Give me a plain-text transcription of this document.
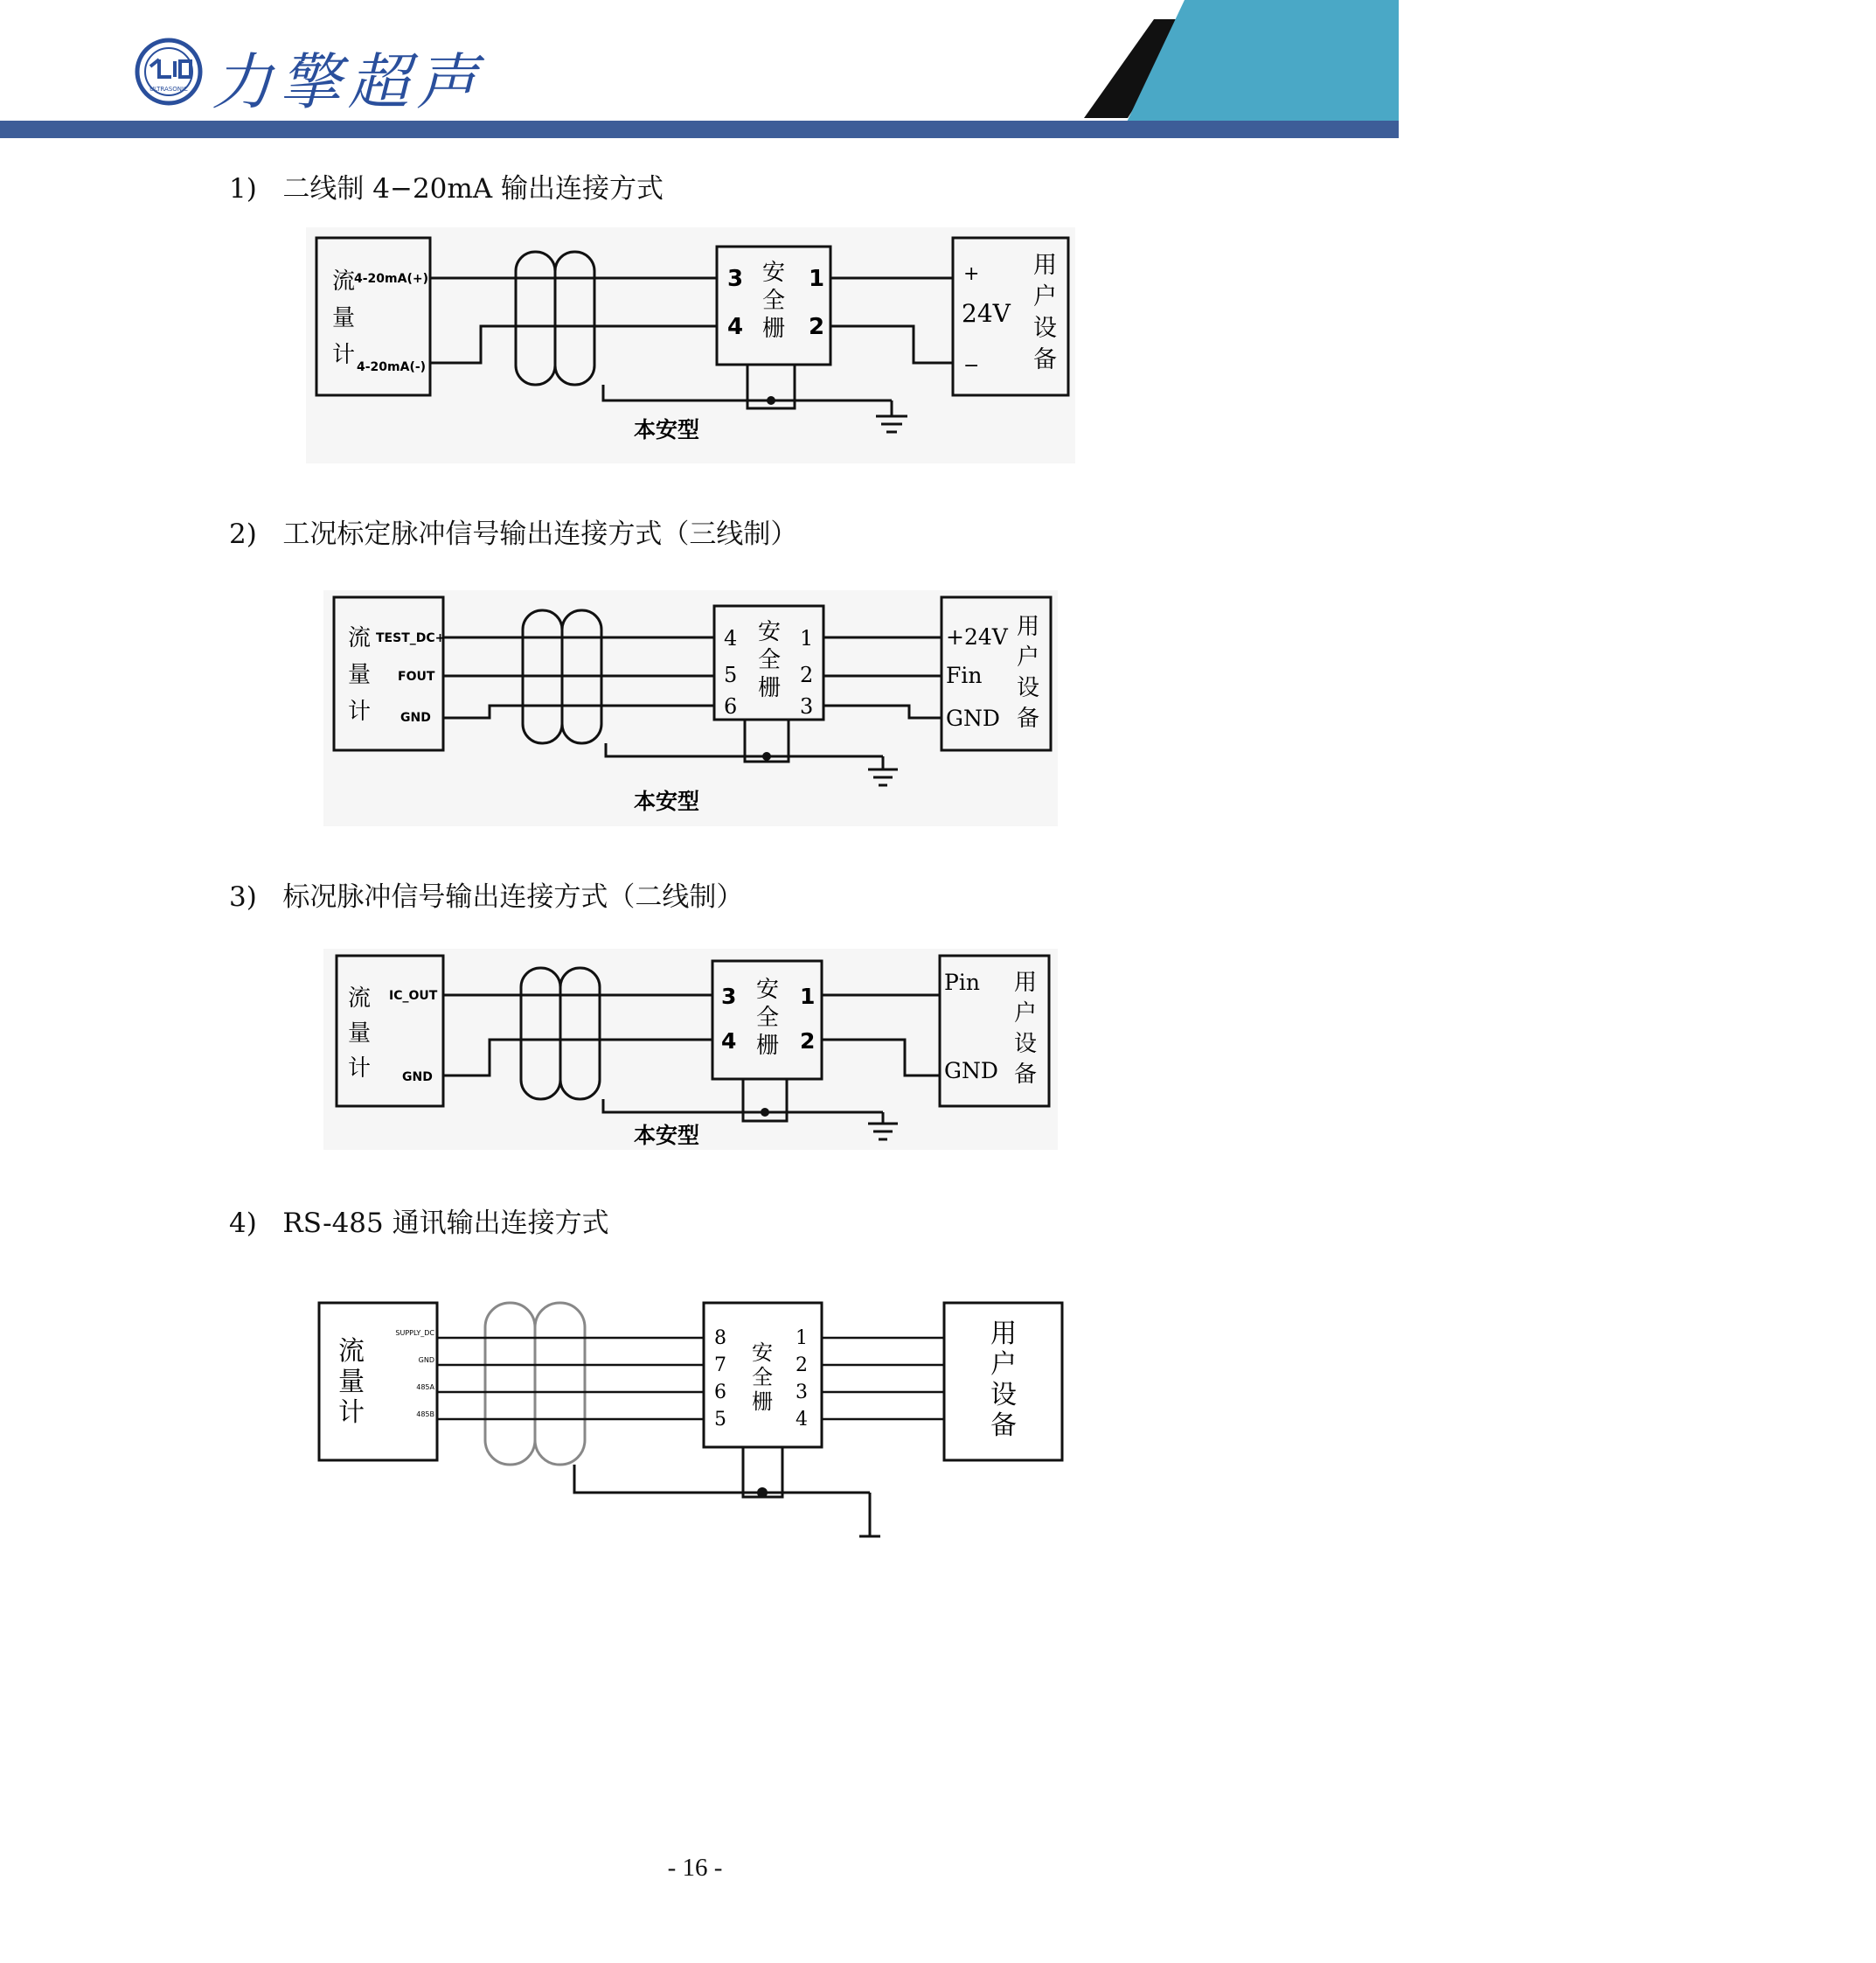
ULTRASONIC 力擎超声
1) 二线制 4−20mA 输出连接方式
2) 工况标定脉冲信号输出连接方式（三线制）
3) 标况脉冲信号输出连接方式（二线制）
4) RS-485 通讯输出连接方式
流
量
计
4-20mA(+)
4-20mA(-)
3
4
安
全
栅
1
2
+
24V
−
用
户
设
备
本安型
流
量
计
TEST_DC+
FOUT
GND
4
5
6
安
全
栅
1
2
3
+24V
Fin
GND
用
户
设
备
本安型
流
量
计
IC_OUT
GND
3
4
安
全
栅
1
2
Pin
GND
用
户
设
备
本安型
流
量
计
SUPPLY_DC
GND
485A
485B
8
7
6
5
安
全
栅
1
2
3
4
用
户
设
备
- 16 -
